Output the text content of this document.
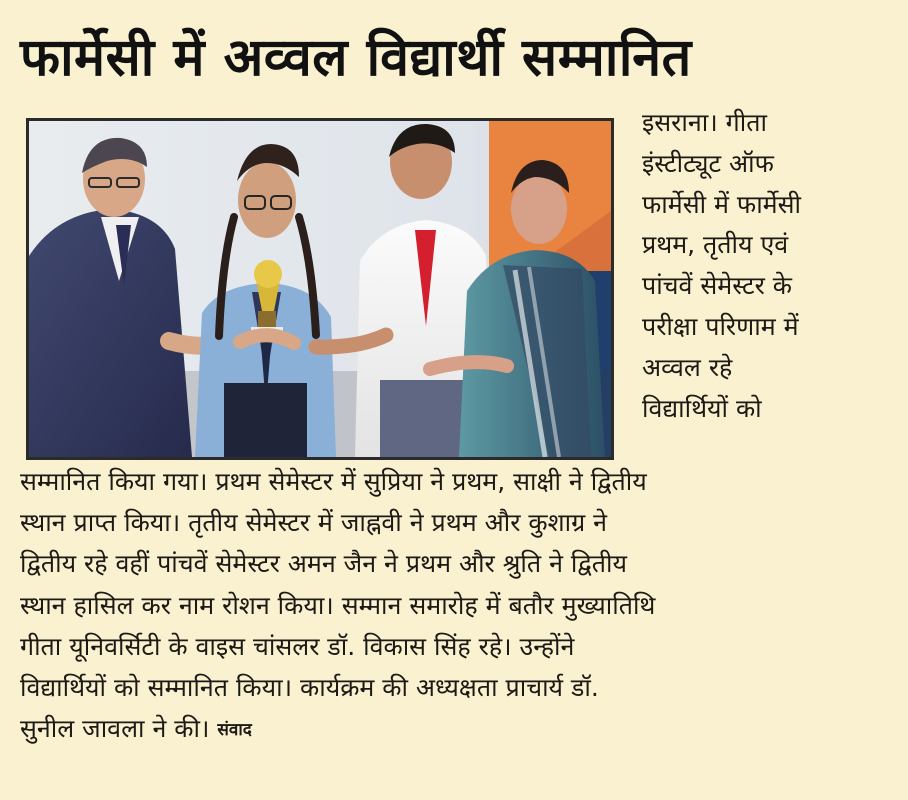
फार्मेसी में अव्वल विद्यार्थी सम्मानित
इसराना। गीता
इंस्टीट्यूट ऑफ
फार्मेसी में फार्मेसी
प्रथम, तृतीय एवं
पांचवें सेमेस्टर के
परीक्षा परिणाम में
अव्वल रहे
विद्यार्थियों को
सम्मानित किया गया। प्रथम सेमेस्टर में सुप्रिया ने प्रथम, साक्षी ने द्वितीय
स्थान प्राप्त किया। तृतीय सेमेस्टर में जाह्नवी ने प्रथम और कुशाग्र ने
द्वितीय रहे वहीं पांचवें सेमेस्टर अमन जैन ने प्रथम और श्रुति ने द्वितीय
स्थान हासिल कर नाम रोशन किया। सम्मान समारोह में बतौर मुख्यातिथि
गीता यूनिवर्सिटी के वाइस चांसलर डॉ. विकास सिंह रहे। उन्होंने
विद्यार्थियों को सम्मानित किया। कार्यक्रम की अध्यक्षता प्राचार्य डॉ.
सुनील जावला ने की। संवाद
